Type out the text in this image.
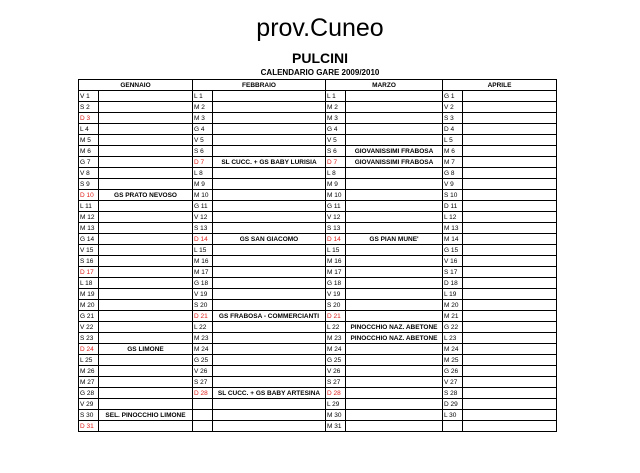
prov.Cuneo
PULCINI
CALENDARIO GARE 2009/2010
GENNAIO		FEBBRAIO		MARZO		APRILE	
V 1		L 1		L 1		G 1	
S 2		M 2		M 2		V 2	
D 3		M 3		M 3		S 3	
L 4		G 4		G 4		D 4	
M 5		V 5		V 5		L 5	
M 6		S 6		S 6	GIOVANISSIMI FRABOSA	M 6	
G 7		D 7	SL CUCC. + GS BABY LURISIA	D 7	GIOVANISSIMI FRABOSA	M 7	
V 8		L 8		L 8		G 8	
S 9		M 9		M 9		V 9	
D 10	GS PRATO NEVOSO	M 10		M 10		S 10	
L 11		G 11		G 11		D 11	
M 12		V 12		V 12		L 12	
M 13		S 13		S 13		M 13	
G 14		D 14	GS SAN GIACOMO	D 14	GS PIAN MUNE'	M 14	
V 15		L 15		L 15		G 15	
S 16		M 16		M 16		V 16	
D 17		M 17		M 17		S 17	
L 18		G 18		G 18		D 18	
M 19		V 19		V 19		L 19	
M 20		S 20		S 20		M 20	
G 21		D 21	GS FRABOSA - COMMERCIANTI	D 21		M 21	
V 22		L 22		L 22	PINOCCHIO NAZ. ABETONE	G 22	
S 23		M 23		M 23	PINOCCHIO NAZ. ABETONE	L 23	
D 24	GS LIMONE	M 24		M 24		M 24	
L 25		G 25		G 25		M 25	
M 26		V 26		V 26		G 26	
M 27		S 27		S 27		V 27	
G 28		D 28	SL CUCC. + GS BABY ARTESINA	D 28		S 28	
V 29				L 29		D 29	
S 30	SEL. PINOCCHIO LIMONE			M 30		L 30	
D 31				M 31			
